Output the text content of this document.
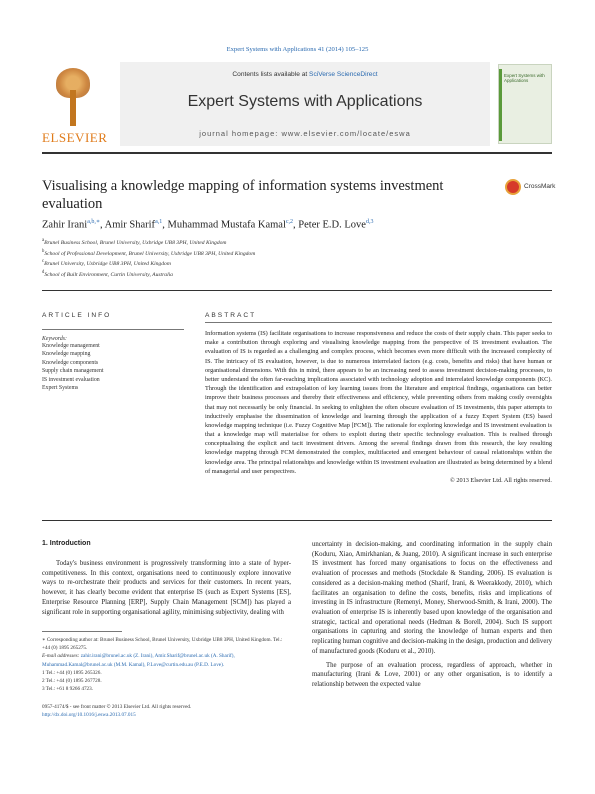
Expert Systems with Applications 41 (2014) 105–125
ELSEVIER
Contents lists available at SciVerse ScienceDirect
Expert Systems with Applications
journal homepage: www.elsevier.com/locate/eswa
Expert Systems with Applications
Visualising a knowledge mapping of information systems investment evaluation
CrossMark
Zahir Irani$^{a,b,∗}$, Amir Sharif$^{a,1}$, Muhammad Mustafa Kamal$^{c,2}$, Peter E.D. Love$^{d,3}$
$^a$Brunel Business School, Brunel University, Uxbridge UB8 3PH, United Kingdom
$^b$School of Professional Development, Brunel University, Uxbridge UB8 3PH, United Kingdom
$^c$Brunel University, Uxbridge UB8 3PH, United Kingdom
$^d$School of Built Environment, Curtin University, Australia
ARTICLE INFO
Keywords:
Knowledge management
Knowledge mapping
Knowledge components
Supply chain management
IS investment evaluation
Expert Systems
ABSTRACT
Information systems (IS) facilitate organisations to increase responsiveness and reduce the costs of their supply chain. This paper seeks to make a contribution through exploring and visualising knowledge mapping from the perspective of IS investment evaluation. The evaluation of IS is regarded as a challenging and complex process, which becomes even more difficult with the increased complexity of IS. The intricacy of IS evaluation, however, is due to numerous interrelated factors (e.g. costs, benefits and risks) that have human or organisational dimensions. With this in mind, there appears to be an increasing need to assess investment decision-making processes, to better understand the often far-reaching implications associated with technology adoption and interrelated knowledge components (KC). Through the identification and extrapolation of key learning issues from the literature and empirical findings, organisations can better improve their business processes and thereby their effectiveness and efficiency, while preventing others from making costly oversights that may not necessarily be only financial. In seeking to enlighten the often obscure evaluation of IS investments, this paper attempts to inductively emphasise the dissemination of knowledge and learning through the application of a fuzzy Expert System (ES) based knowledge mapping technique (i.e. Fuzzy Cognitive Map [FCM]). The rationale for exploring knowledge and IS investment evaluation is that a knowledge map will materialise for others to exploit during their specific technology evaluation. This is realised through conceptualising the explicit and tacit investment drivers. Among the several findings drawn from this research, the key resulting knowledge mapping through FCM demonstrated the complex, multifaceted and emergent behaviour of causal relationships within the knowledge area. The principal relationships and knowledge within IS investment evaluation are illustrated as being determined by a blend of managerial and user perspectives.
© 2013 Elsevier Ltd. All rights reserved.
1. Introduction

Today's business environment is progressively transforming into a state of hyper-competitiveness. In this context, organisations need to continuously explore innovative ways to re-orchestrate their products and services for their customers. In recent years, however, it has clearly become evident that enterprise IS (such as Expert Systems [ES], Enterprise Resource Planning [ERP], Supply Chain Management [SCM]) has played a significant role in supporting organisational agility, minimising subjectivity, dealing with

∗ Corresponding author at: Brunel Business School, Brunel University, Uxbridge UB8 3PH, United Kingdom. Tel.: +44 (0) 1895 265275.
E-mail addresses: zahir.irani@brunel.ac.uk (Z. Irani), Amir.Sharif@brunel.ac.uk (A. Sharif), Muhammad.Kamal@brunel.ac.uk (M.M. Kamal), P.Love@curtin.edu.au (P.E.D. Love).
1 Tel.: +44 (0) 1895 265326.
2 Tel.: +44 (0) 1895 267728.
3 Tel.: +61 8 9266 4723.
0957-4174/$ - see front matter © 2013 Elsevier Ltd. All rights reserved.
http://dx.doi.org/10.1016/j.eswa.2013.07.015

uncertainty in decision-making, and coordinating information in the supply chain (Koduru, Xiao, Amirkhanian, & Juang, 2010). A significant increase in such enterprise IS investment has forced many organisations to focus on the effectiveness and evaluation of processes and methods (Stockdale & Standing, 2006). IS evaluation is considered as a decision-making method (Sharif, Irani, & Weerakkody, 2010), which facilitates an organisation to define the costs, benefits, risks and implications of investing in IS infrastructure (Remenyi, Money, Sherwood-Smith, & Irani, 2000). The evaluation of enterprise IS is inherently based upon knowledge of the organisation and strategic, tactical and operational needs (Hedman & Borell, 2004). Such IS support organisations in capturing and storing the knowledge of human experts and then replicating human cognitive and decision-making in the design, production and delivery of manufactured goods (Koduru et al., 2010).

The purpose of an evaluation process, regardless of approach, whether in manufacturing (Irani & Love, 2001) or any other organisation, is to identify a relationship between the expected value
